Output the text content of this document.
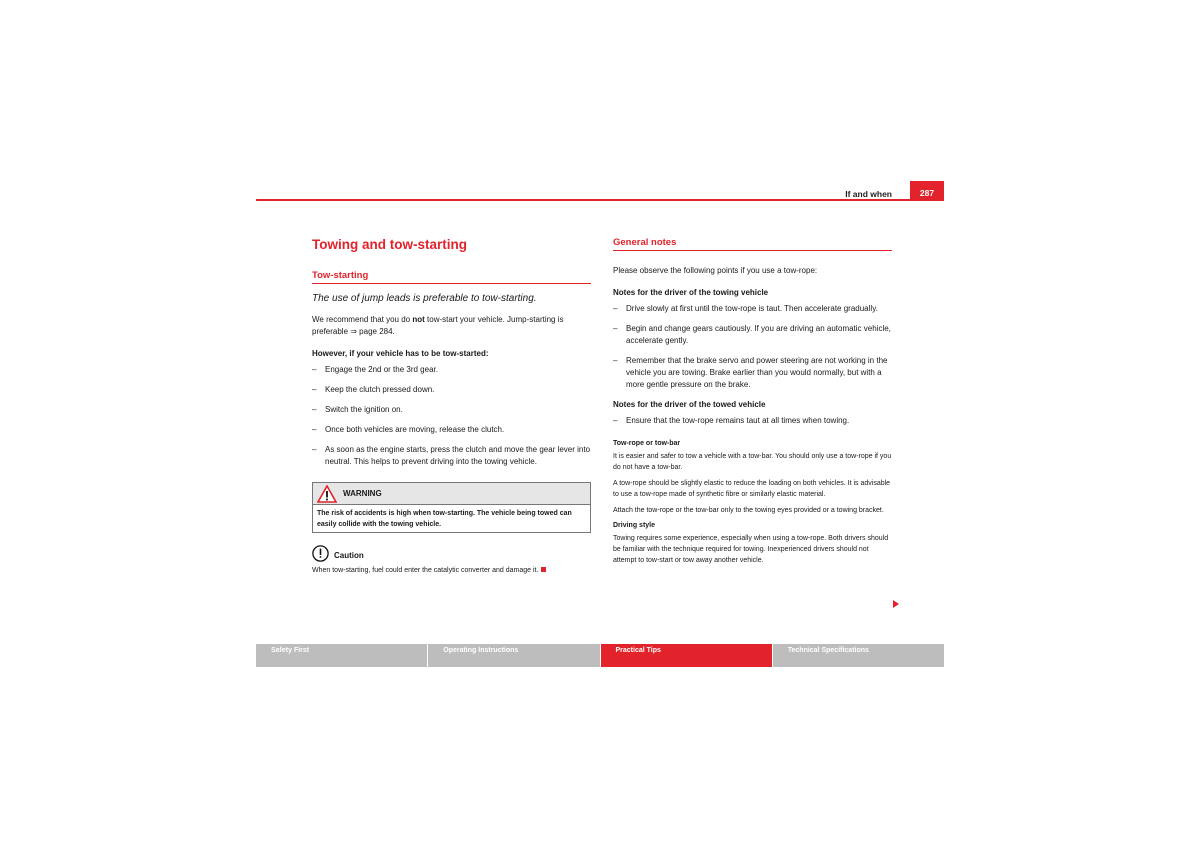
If and when	287
Towing and tow-starting
Tow-starting

The use of jump leads is preferable to tow-starting.

We recommend that you do not tow-start your vehicle. Jump-starting is preferable ⇒ page 284.

However, if your vehicle has to be tow-started:

– Engage the 2nd or the 3rd gear.
– Keep the clutch pressed down.
– Switch the ignition on.
– Once both vehicles are moving, release the clutch.
– As soon as the engine starts, press the clutch and move the gear lever into neutral. This helps to prevent driving into the towing vehicle.
WARNING

The risk of accidents is high when tow-starting. The vehicle being towed can easily collide with the towing vehicle.

Caution

When tow-starting, fuel could enter the catalytic converter and damage it.

General notes

Please observe the following points if you use a tow-rope:

Notes for the driver of the towing vehicle

– Drive slowly at first until the tow-rope is taut. Then accelerate gradually.
– Begin and change gears cautiously. If you are driving an automatic vehicle, accelerate gently.
– Remember that the brake servo and power steering are not working in the vehicle you are towing. Brake earlier than you would normally, but with a more gentle pressure on the brake.

Notes for the driver of the towed vehicle

– Ensure that the tow-rope remains taut at all times when towing.

Tow-rope or tow-bar

It is easier and safer to tow a vehicle with a tow-bar. You should only use a tow-rope if you do not have a tow-bar.

A tow-rope should be slightly elastic to reduce the loading on both vehicles. It is advisable to use a tow-rope made of synthetic fibre or similarly elastic material.

Attach the tow-rope or the tow-bar only to the towing eyes provided or a towing bracket.

Driving style

Towing requires some experience, especially when using a tow-rope. Both drivers should be familiar with the technique required for towing. Inexperienced drivers should not attempt to tow-start or tow away another vehicle.

Safety First	Operating Instructions	Practical Tips	Technical Specifications
